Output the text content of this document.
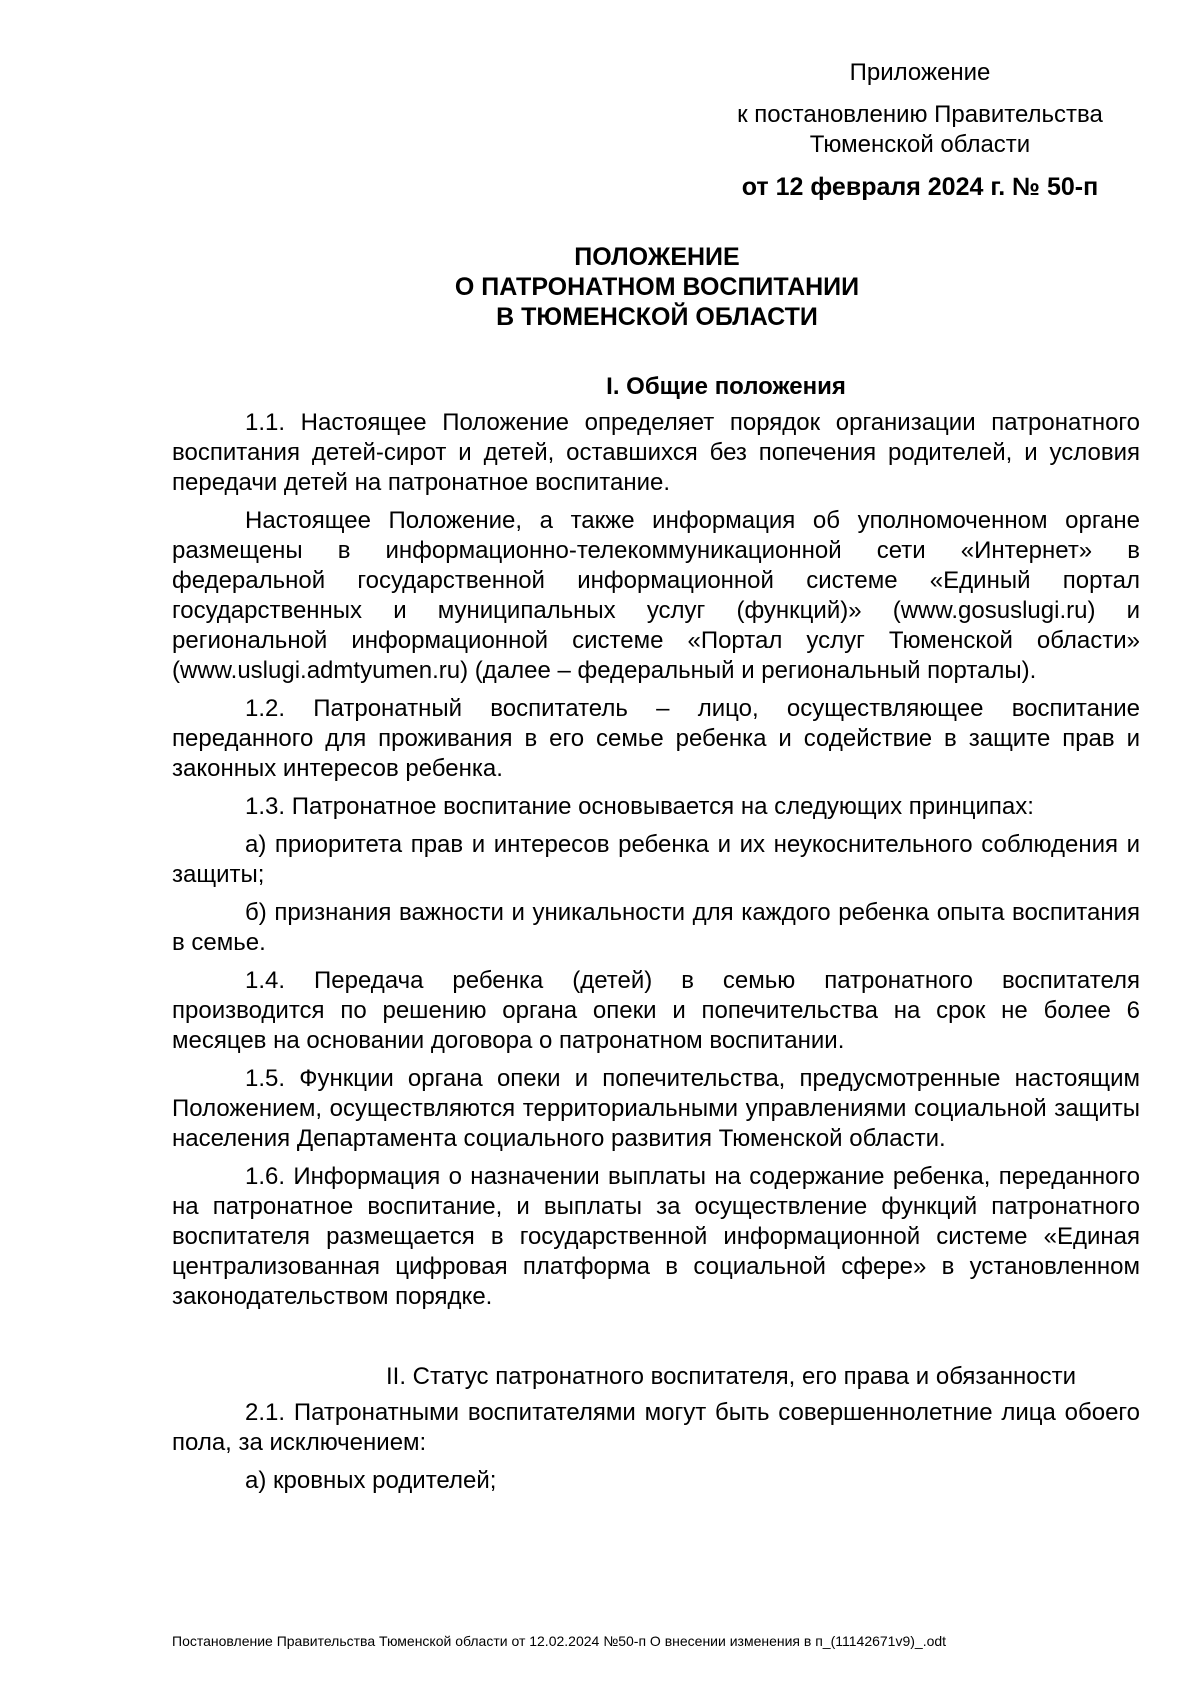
Приложение
к постановлению Правительства Тюменской области
от 12 февраля 2024 г. № 50-п
ПОЛОЖЕНИЕ
О ПАТРОНАТНОМ ВОСПИТАНИИ
В ТЮМЕНСКОЙ ОБЛАСТИ
I. Общие положения
1.1. Настоящее Положение определяет порядок организации патронатного воспитания детей-сирот и детей, оставшихся без попечения родителей, и условия передачи детей на патронатное воспитание.
Настоящее Положение, а также информация об уполномоченном органе размещены в информационно-телекоммуникационной сети «Интернет» в федеральной государственной информационной системе «Единый портал государственных и муниципальных услуг (функций)» (www.gosuslugi.ru) и региональной информационной системе «Портал услуг Тюменской области» (www.uslugi.admtyumen.ru) (далее – федеральный и региональный порталы).
1.2. Патронатный воспитатель – лицо, осуществляющее воспитание переданного для проживания в его семье ребенка и содействие в защите прав и законных интересов ребенка.
1.3. Патронатное воспитание основывается на следующих принципах:
а) приоритета прав и интересов ребенка и их неукоснительного соблюдения и защиты;
б) признания важности и уникальности для каждого ребенка опыта воспитания в семье.
1.4. Передача ребенка (детей) в семью патронатного воспитателя производится по решению органа опеки и попечительства на срок не более 6 месяцев на основании договора о патронатном воспитании.
1.5. Функции органа опеки и попечительства, предусмотренные настоящим Положением, осуществляются территориальными управлениями социальной защиты населения Департамента социального развития Тюменской области.
1.6. Информация о назначении выплаты на содержание ребенка, переданного на патронатное воспитание, и выплаты за осуществление функций патронатного воспитателя размещается в государственной информационной системе «Единая централизованная цифровая платформа в социальной сфере» в установленном законодательством порядке.
II. Статус патронатного воспитателя, его права и обязанности
2.1. Патронатными воспитателями могут быть совершеннолетние лица обоего пола, за исключением:
а) кровных родителей;
Постановление Правительства Тюменской области от 12.02.2024 №50-п О внесении изменения в п_(11142671v9)_.odt
